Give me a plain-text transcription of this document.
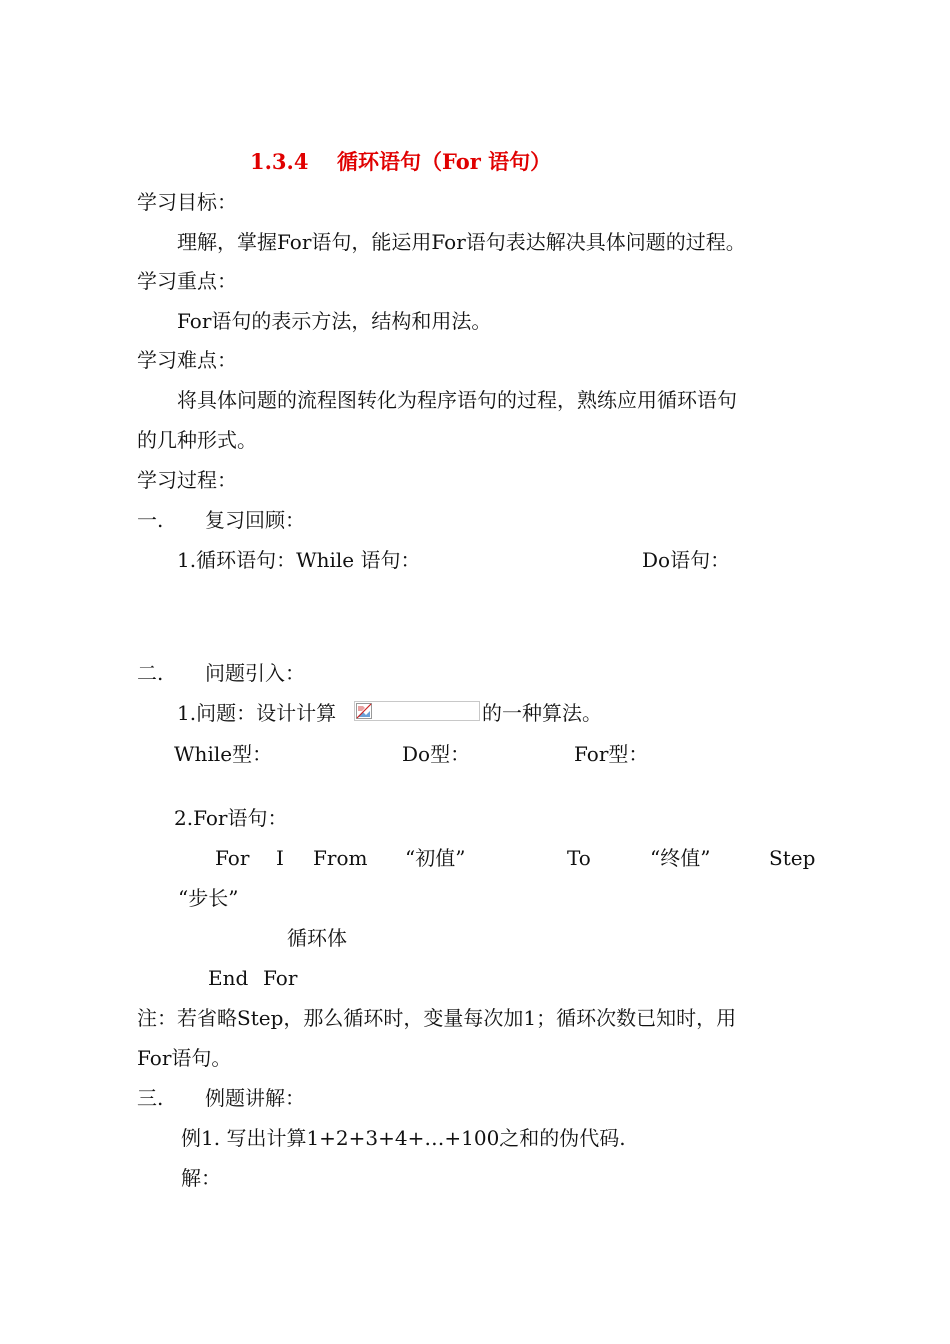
1.3.4 循环语句（For 语句）
学习目标：
理解，掌握For语句，能运用For语句表达解决具体问题的过程。
学习重点：
For语句的表示方法，结构和用法。
学习难点：
将具体问题的流程图转化为程序语句的过程，熟练应用循环语句
的几种形式。
学习过程：
一. 复习回顾：
1.循环语句：While 语句：	Do语句：
二. 问题引入：
1.问题：设计计算	的一种算法。
While型：	Do型：	For型：
2.For语句：
For I From “初值”	To	“终值”	Step
“步长”
循环体
End For
注：若省略Step，那么循环时，变量每次加1；循环次数已知时，用
For语句。
三. 例题讲解：
例1. 写出计算1+2+3+4+…+100之和的伪代码.
解：
